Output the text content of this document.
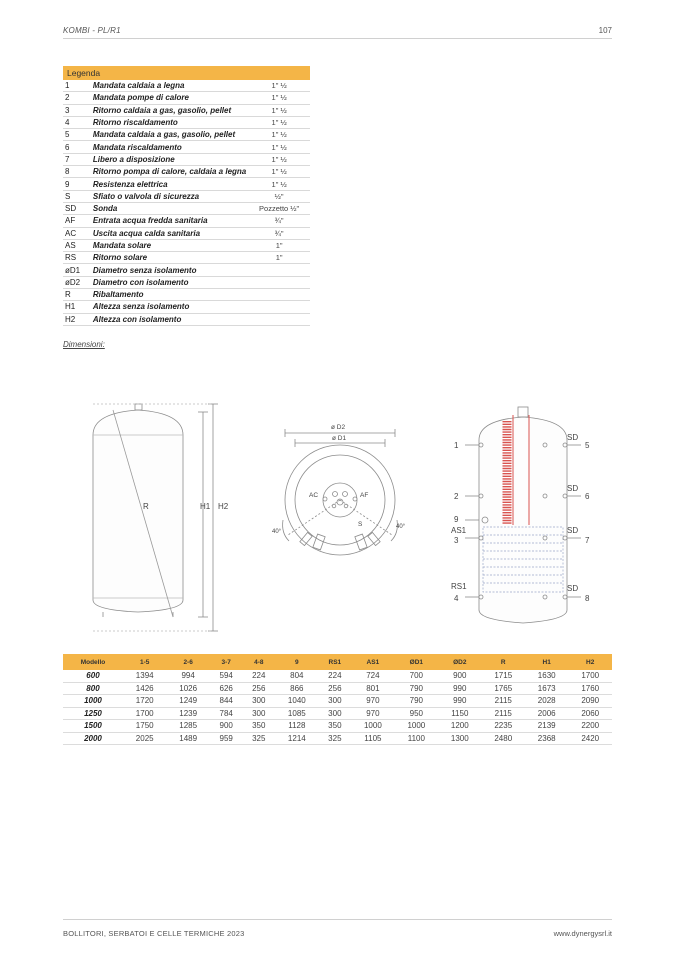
KOMBI - PL/R1	107
Legenda		
1	Mandata caldaia a legna	1" ½
2	Mandata pompe di calore	1" ½
3	Ritorno caldaia a gas, gasolio, pellet	1" ½
4	Ritorno riscaldamento	1" ½
5	Mandata caldaia a gas, gasolio, pellet	1" ½
6	Mandata riscaldamento	1" ½
7	Libero a disposizione	1" ½
8	Ritorno pompa di calore, caldaia a legna	1" ½
9	Resistenza elettrica	1" ½
S	Sfiato o valvola di sicurezza	½"
SD	Sonda	Pozzetto ½"
AF	Entrata acqua fredda sanitaria	¾"
AC	Uscita acqua calda sanitaria	¾"
AS	Mandata solare	1"
RS	Ritorno solare	1"
øD1	Diametro senza isolamento	
øD2	Diametro con isolamento	
R	Ribaltamento	
H1	Altezza senza isolamento	
H2	Altezza con isolamento	
Dimensioni:
R	H1 H2
ø D2
ø D1
AC	AF
S
40°
40°
1
2
9
AS1
3
RS1
4
SD
5
SD
6
SD
7
SD
8
Modello	1-5	2-6	3-7	4-8	9	RS1	AS1	ØD1	ØD2	R	H1	H2
600	1394	994	594	224	804	224	724	700	900	1715	1630	1700
800	1426	1026	626	256	866	256	801	790	990	1765	1673	1760
1000	1720	1249	844	300	1040	300	970	790	990	2115	2028	2090
1250	1700	1239	784	300	1085	300	970	950	1150	2115	2006	2060
1500	1750	1285	900	350	1128	350	1000	1000	1200	2235	2139	2200
2000	2025	1489	959	325	1214	325	1105	1100	1300	2480	2368	2420
BOLLITORI, SERBATOI E CELLE TERMICHE 2023	www.dynergysrl.it
